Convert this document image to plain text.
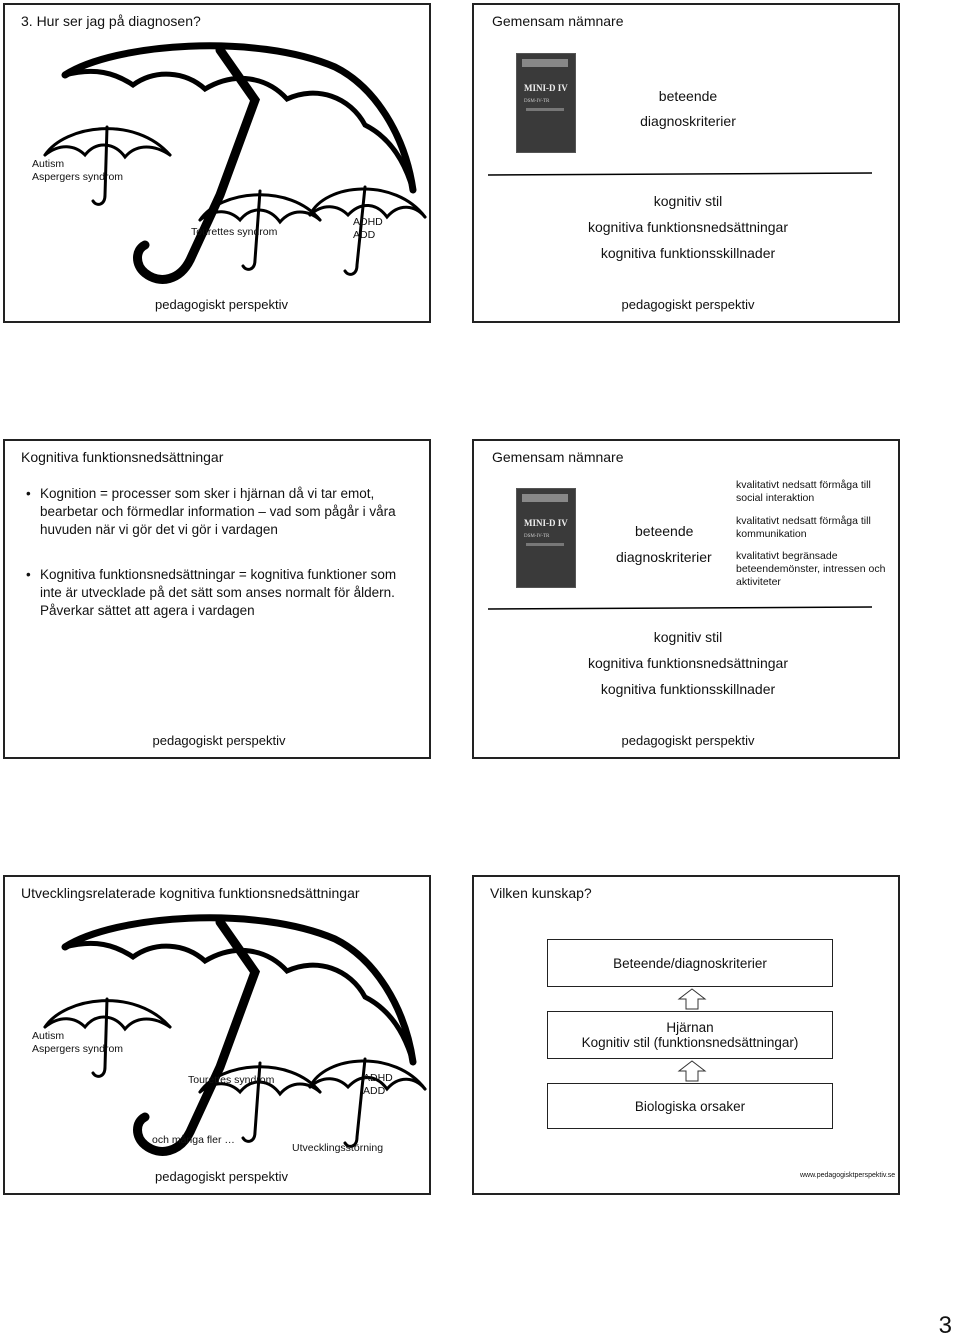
3. Hur ser jag på diagnosen?
Autism
Aspergers syndrom
Tourettes syndrom
ADHD
ADD
pedagogiskt perspektiv
Gemensam nämnare
MINI-D IV
DSM-IV-TR	beteende
diagnoskriterier
kognitiv stil
kognitiva funktionsnedsättningar
kognitiva funktionsskillnader
pedagogiskt perspektiv
Kognitiva funktionsnedsättningar
• Kognition = processer som sker i hjärnan då vi tar emot, bearbetar och förmedlar information – vad som pågår i våra huvuden när vi gör det vi gör i vardagen
• Kognitiva funktionsnedsättningar = kognitiva funktioner som inte är utvecklade på det sätt som anses normalt för åldern. Påverkar sättet att agera i vardagen
pedagogiskt perspektiv
Gemensam nämnare
MINI-D IV
DSM-IV-TR	beteende
diagnoskriterier
kvalitativt nedsatt förmåga till social interaktion
kvalitativt nedsatt förmåga till kommunikation
kvalitativt begränsade beteendemönster, intressen och aktiviteter
kognitiv stil
kognitiva funktionsnedsättningar
kognitiva funktionsskillnader
pedagogiskt perspektiv
Utvecklingsrelaterade kognitiva funktionsnedsättningar
Autism
Aspergers syndrom
Tourettes syndrom	ADHD
ADD
och många fler …
Utvecklingsstörning
pedagogiskt perspektiv
Vilken kunskap?
Beteende/diagnoskriterier
Hjärnan
Kognitiv stil (funktionsnedsättningar)
Biologiska orsaker
www.pedagogisktperspektiv.se
3
